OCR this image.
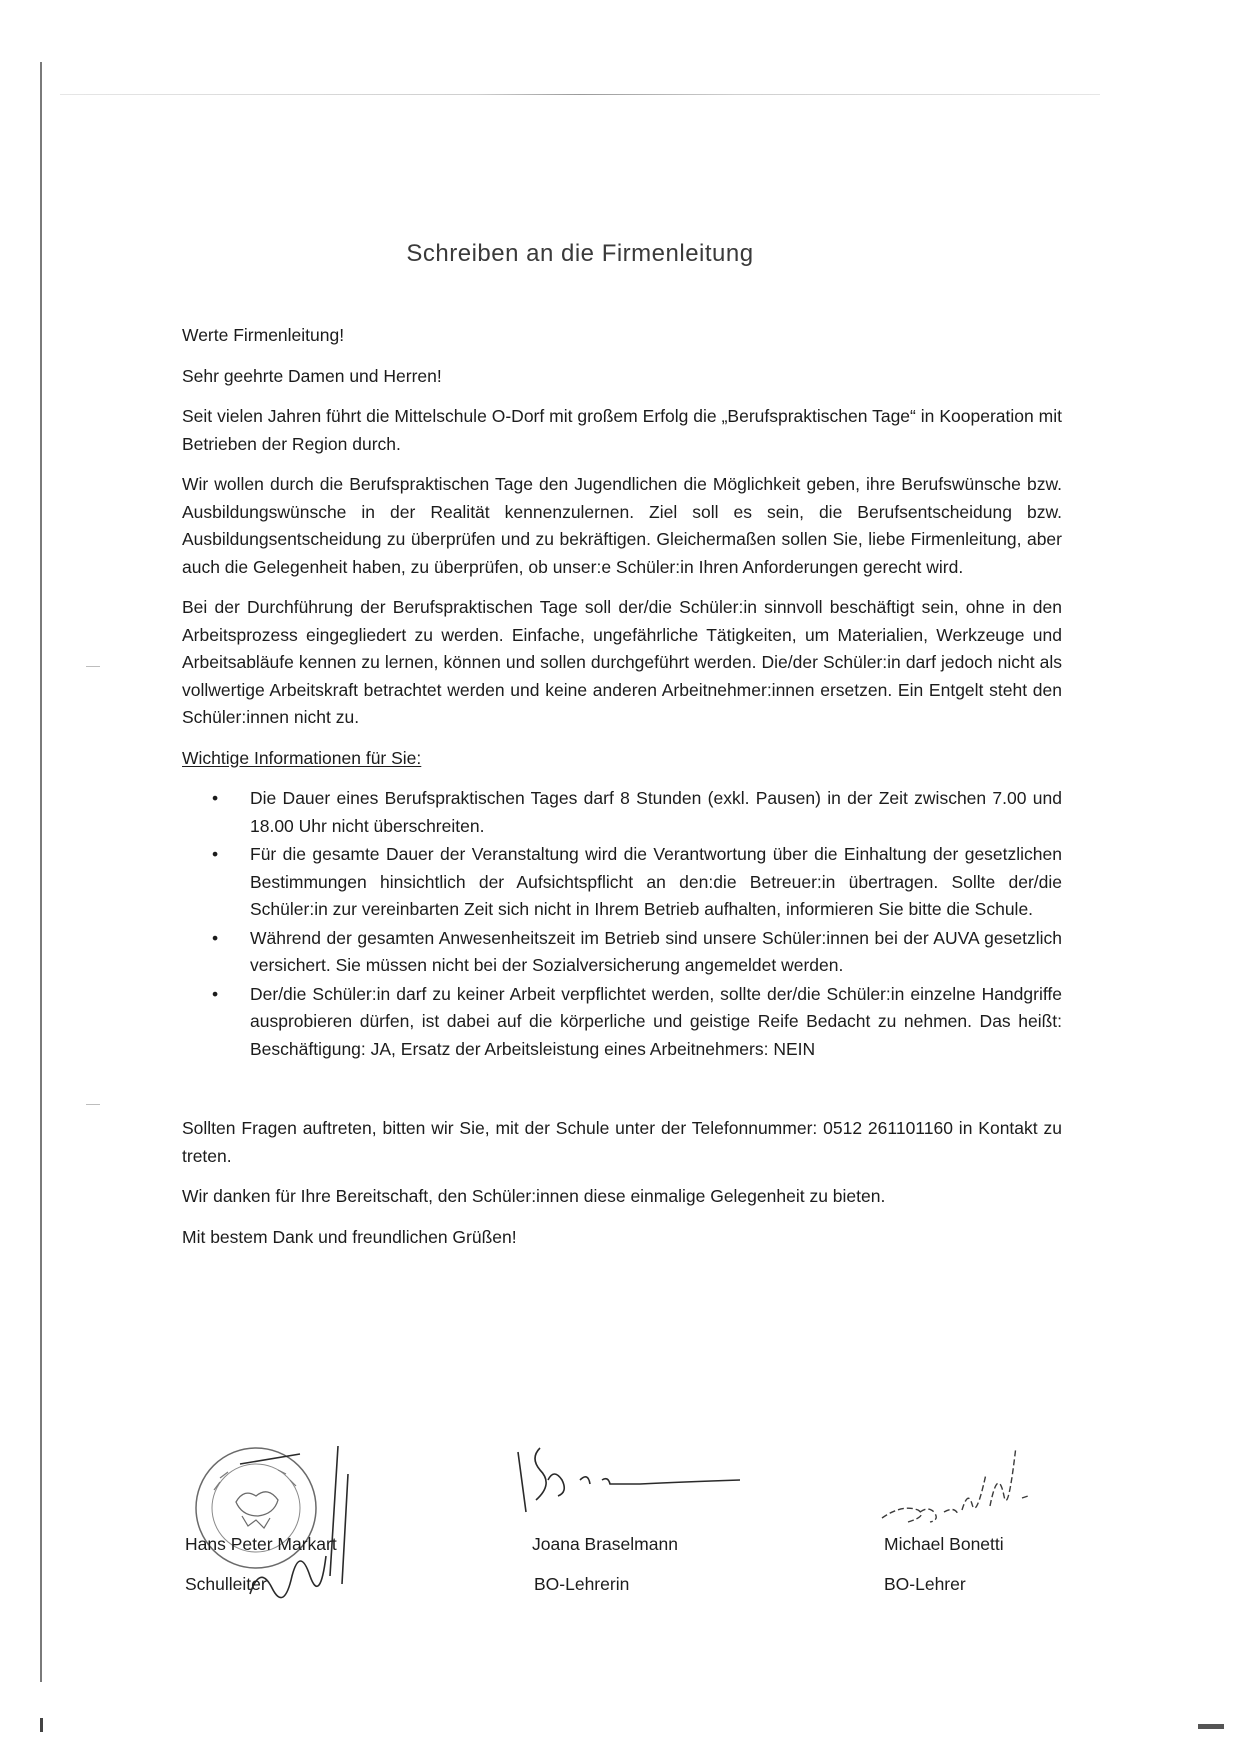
Schreiben an die Firmenleitung

Werte Firmenleitung!

Sehr geehrte Damen und Herren!

Seit vielen Jahren führt die Mittelschule O-Dorf mit großem Erfolg die „Berufspraktischen Tage“ in Kooperation mit Betrieben der Region durch.

Wir wollen durch die Berufspraktischen Tage den Jugendlichen die Möglichkeit geben, ihre Berufswünsche bzw. Ausbildungswünsche in der Realität kennenzulernen. Ziel soll es sein, die Berufsentscheidung bzw. Ausbildungsentscheidung zu überprüfen und zu bekräftigen. Gleichermaßen sollen Sie, liebe Firmenleitung, aber auch die Gelegenheit haben, zu überprüfen, ob unser:e Schüler:in Ihren Anforderungen gerecht wird.

Bei der Durchführung der Berufspraktischen Tage soll der/die Schüler:in sinnvoll beschäftigt sein, ohne in den Arbeitsprozess eingegliedert zu werden. Einfache, ungefährliche Tätigkeiten, um Materialien, Werkzeuge und Arbeitsabläufe kennen zu lernen, können und sollen durchgeführt werden. Die/der Schüler:in darf jedoch nicht als vollwertige Arbeitskraft betrachtet werden und keine anderen Arbeitnehmer:innen ersetzen. Ein Entgelt steht den Schüler:innen nicht zu.

Wichtige Informationen für Sie:

• Die Dauer eines Berufspraktischen Tages darf 8 Stunden (exkl. Pausen) in der Zeit zwischen 7.00 und 18.00 Uhr nicht überschreiten.
• Für die gesamte Dauer der Veranstaltung wird die Verantwortung über die Einhaltung der gesetzlichen Bestimmungen hinsichtlich der Aufsichtspflicht an den:die Betreuer:in übertragen. Sollte der/die Schüler:in zur vereinbarten Zeit sich nicht in Ihrem Betrieb aufhalten, informieren Sie bitte die Schule.
• Während der gesamten Anwesenheitszeit im Betrieb sind unsere Schüler:innen bei der AUVA gesetzlich versichert. Sie müssen nicht bei der Sozialversicherung angemeldet werden.
• Der/die Schüler:in darf zu keiner Arbeit verpflichtet werden, sollte der/die Schüler:in einzelne Handgriffe ausprobieren dürfen, ist dabei auf die körperliche und geistige Reife Bedacht zu nehmen. Das heißt: Beschäftigung: JA, Ersatz der Arbeitsleistung eines Arbeitnehmers: NEIN

Sollten Fragen auftreten, bitten wir Sie, mit der Schule unter der Telefonnummer: 0512 261101160 in Kontakt zu treten.

Wir danken für Ihre Bereitschaft, den Schüler:innen diese einmalige Gelegenheit zu bieten.

Mit bestem Dank und freundlichen Grüßen!

Hans Peter Markart
Schulleiter
Joana Braselmann
BO-Lehrerin
Michael Bonetti
BO-Lehrer
